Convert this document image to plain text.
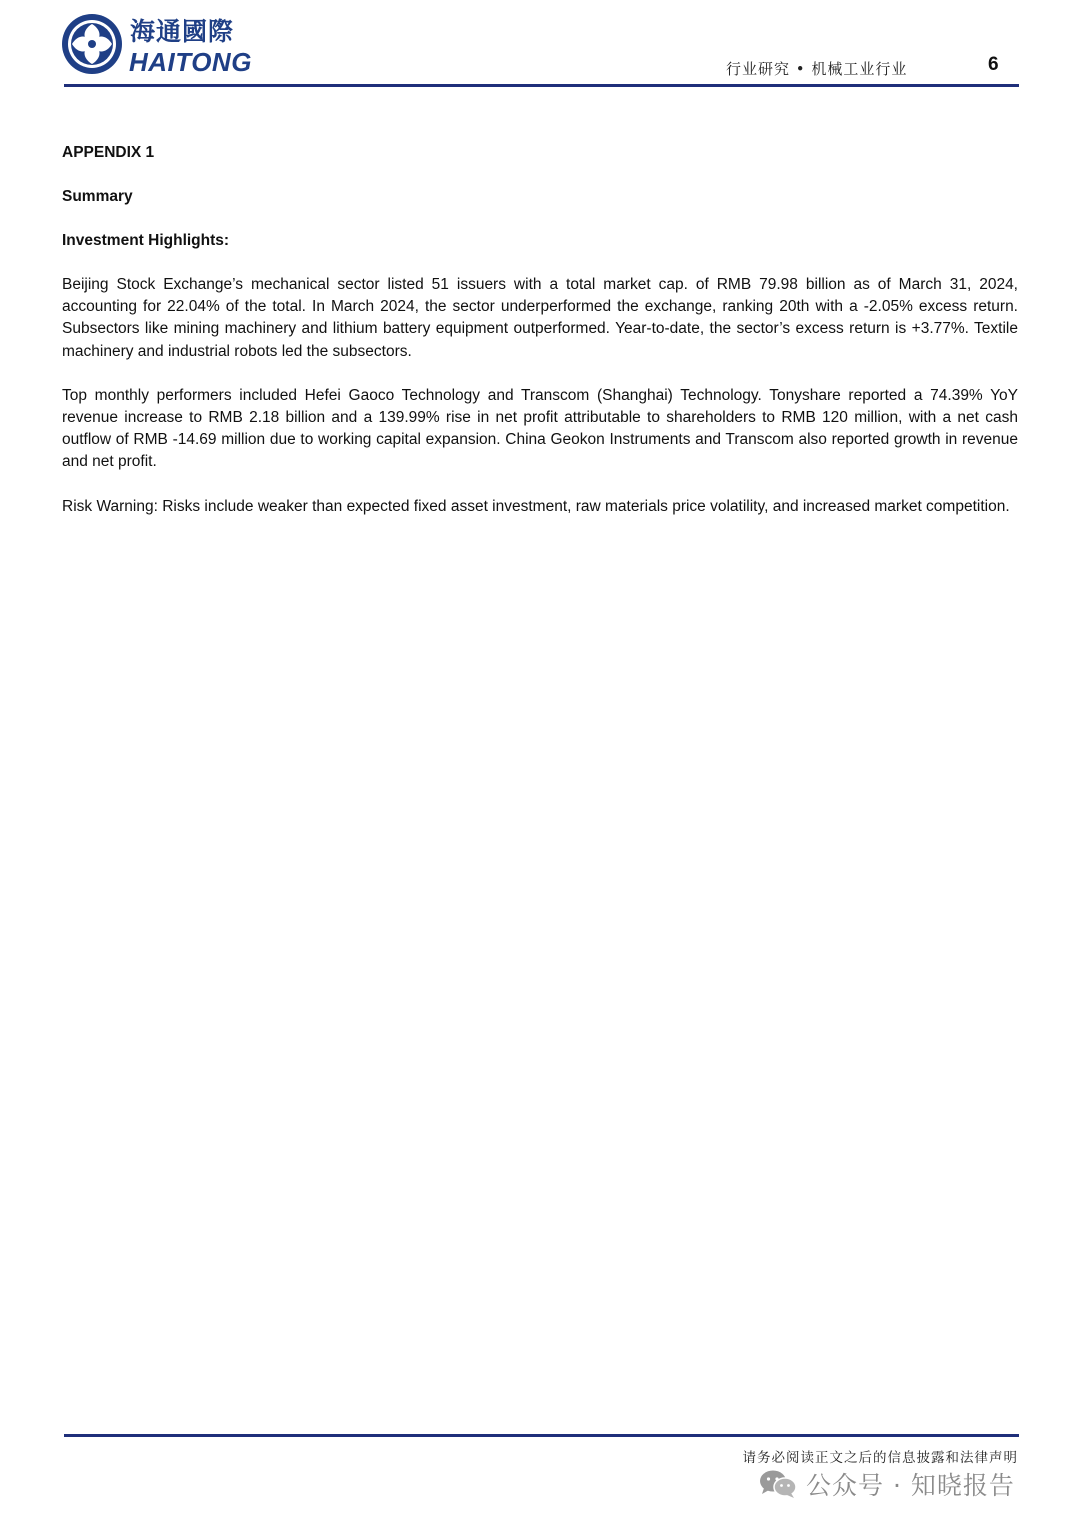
海通國際
HAITONG	行业研究 • 机械工业行业	6
APPENDIX 1
Summary
Investment Highlights:

Beijing Stock Exchange’s mechanical sector listed 51 issuers with a total market cap. of RMB 79.98 billion as of March 31, 2024, accounting for 22.04% of the total. In March 2024, the sector underperformed the exchange, ranking 20th with a -2.05% excess return. Subsectors like mining machinery and lithium battery equipment outperformed. Year-to-date, the sector’s excess return is +3.77%. Textile machinery and industrial robots led the subsectors.

Top monthly performers included Hefei Gaoco Technology and Transcom (Shanghai) Technology. Tonyshare reported a 74.39% YoY revenue increase to RMB 2.18 billion and a 139.99% rise in net profit attributable to shareholders to RMB 120 million, with a net cash outflow of RMB -14.69 million due to working capital expansion. China Geokon Instruments and Transcom also reported growth in revenue and net profit.

Risk Warning: Risks include weaker than expected fixed asset investment, raw materials price volatility, and increased market competition.

请务必阅读正文之后的信息披露和法律声明
公众号 · 知晓报告
